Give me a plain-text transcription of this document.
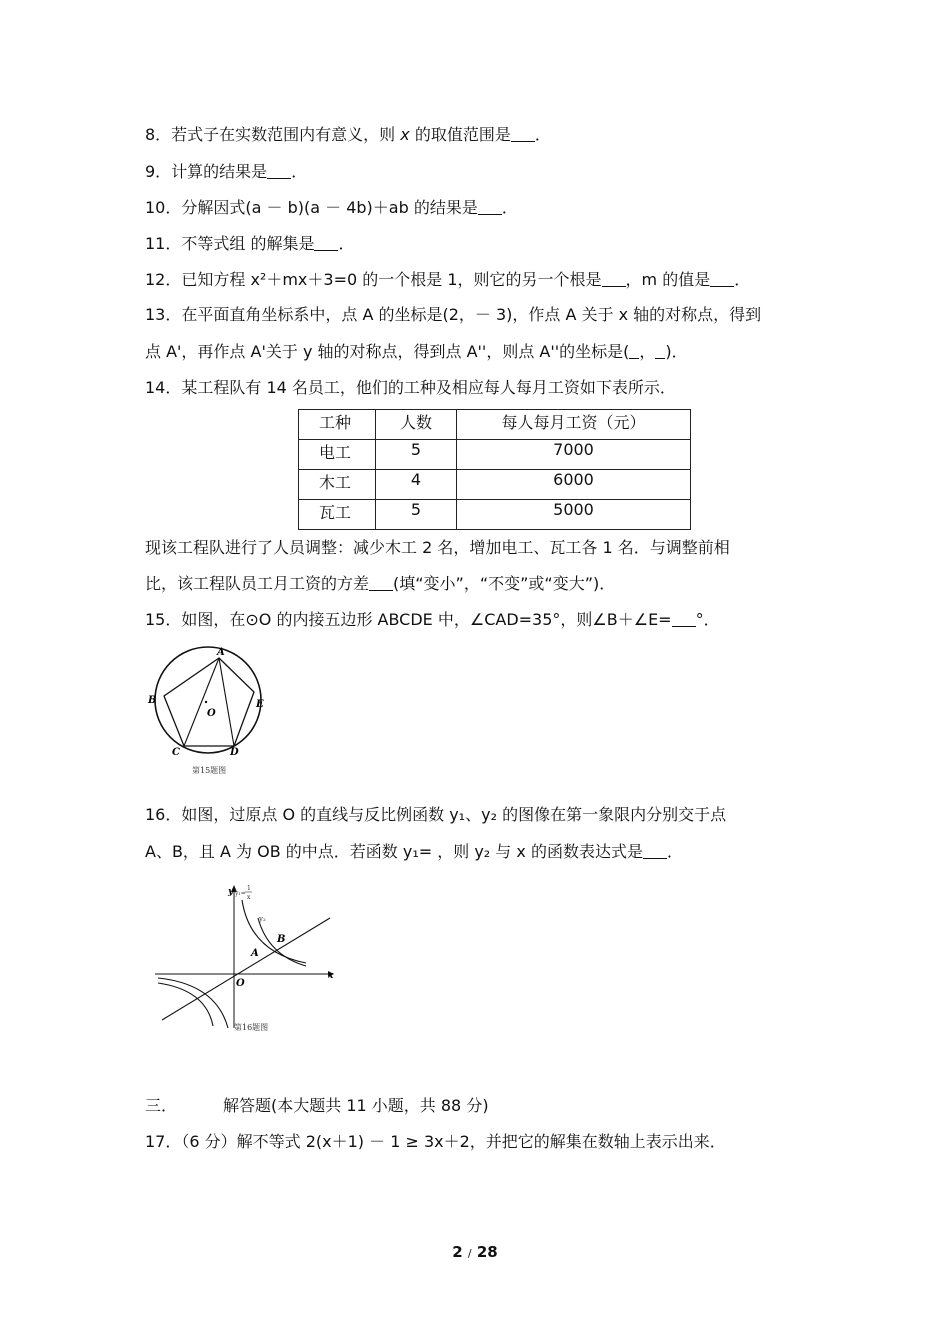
8．若式子在实数范围内有意义，则 x 的取值范围是 ．
9．计算的结果是 ．
10．分解因式(a － b)(a － 4b)＋ab 的结果是 ．
11．不等式组 的解集是 ．
12．已知方程 x²＋mx＋3=0 的一个根是 1，则它的另一个根是 ，m 的值是 ．
13．在平面直角坐标系中，点 A 的坐标是(2，－ 3)，作点 A 关于 x 轴的对称点，得到
点 A'，再作点 A'关于 y 轴的对称点，得到点 A''，则点 A''的坐标是( ， )．
14．某工程队有 14 名员工，他们的工种及相应每人每月工资如下表所示．
工种	人数	每人每月工资（元）
电工	5	7000
木工	4	6000
瓦工	5	5000
现该工程队进行了人员调整：减少木工 2 名，增加电工、瓦工各 1 名．与调整前相
比，该工程队员工月工资的方差 (填“变小”，“不变”或“变大”)．
15．如图，在⊙O 的内接五边形 ABCDE 中，∠CAD=35°，则∠B＋∠E= °．
A
B
C	D
E
O
第15题图
16．如图，过原点 O 的直线与反比例函数 y₁、y₂ 的图像在第一象限内分别交于点
A、B，且 A 为 OB 的中点．若函数 y₁= ，则 y₂ 与 x 的函数表达式是 ．
y
x
O
A
B
y₂
y₁=
1
x
第16题图
三．	解答题(本大题共 11 小题，共 88 分)
17．（6 分）解不等式 2(x＋1) － 1 ≥ 3x＋2，并把它的解集在数轴上表示出来．
2 / 28
